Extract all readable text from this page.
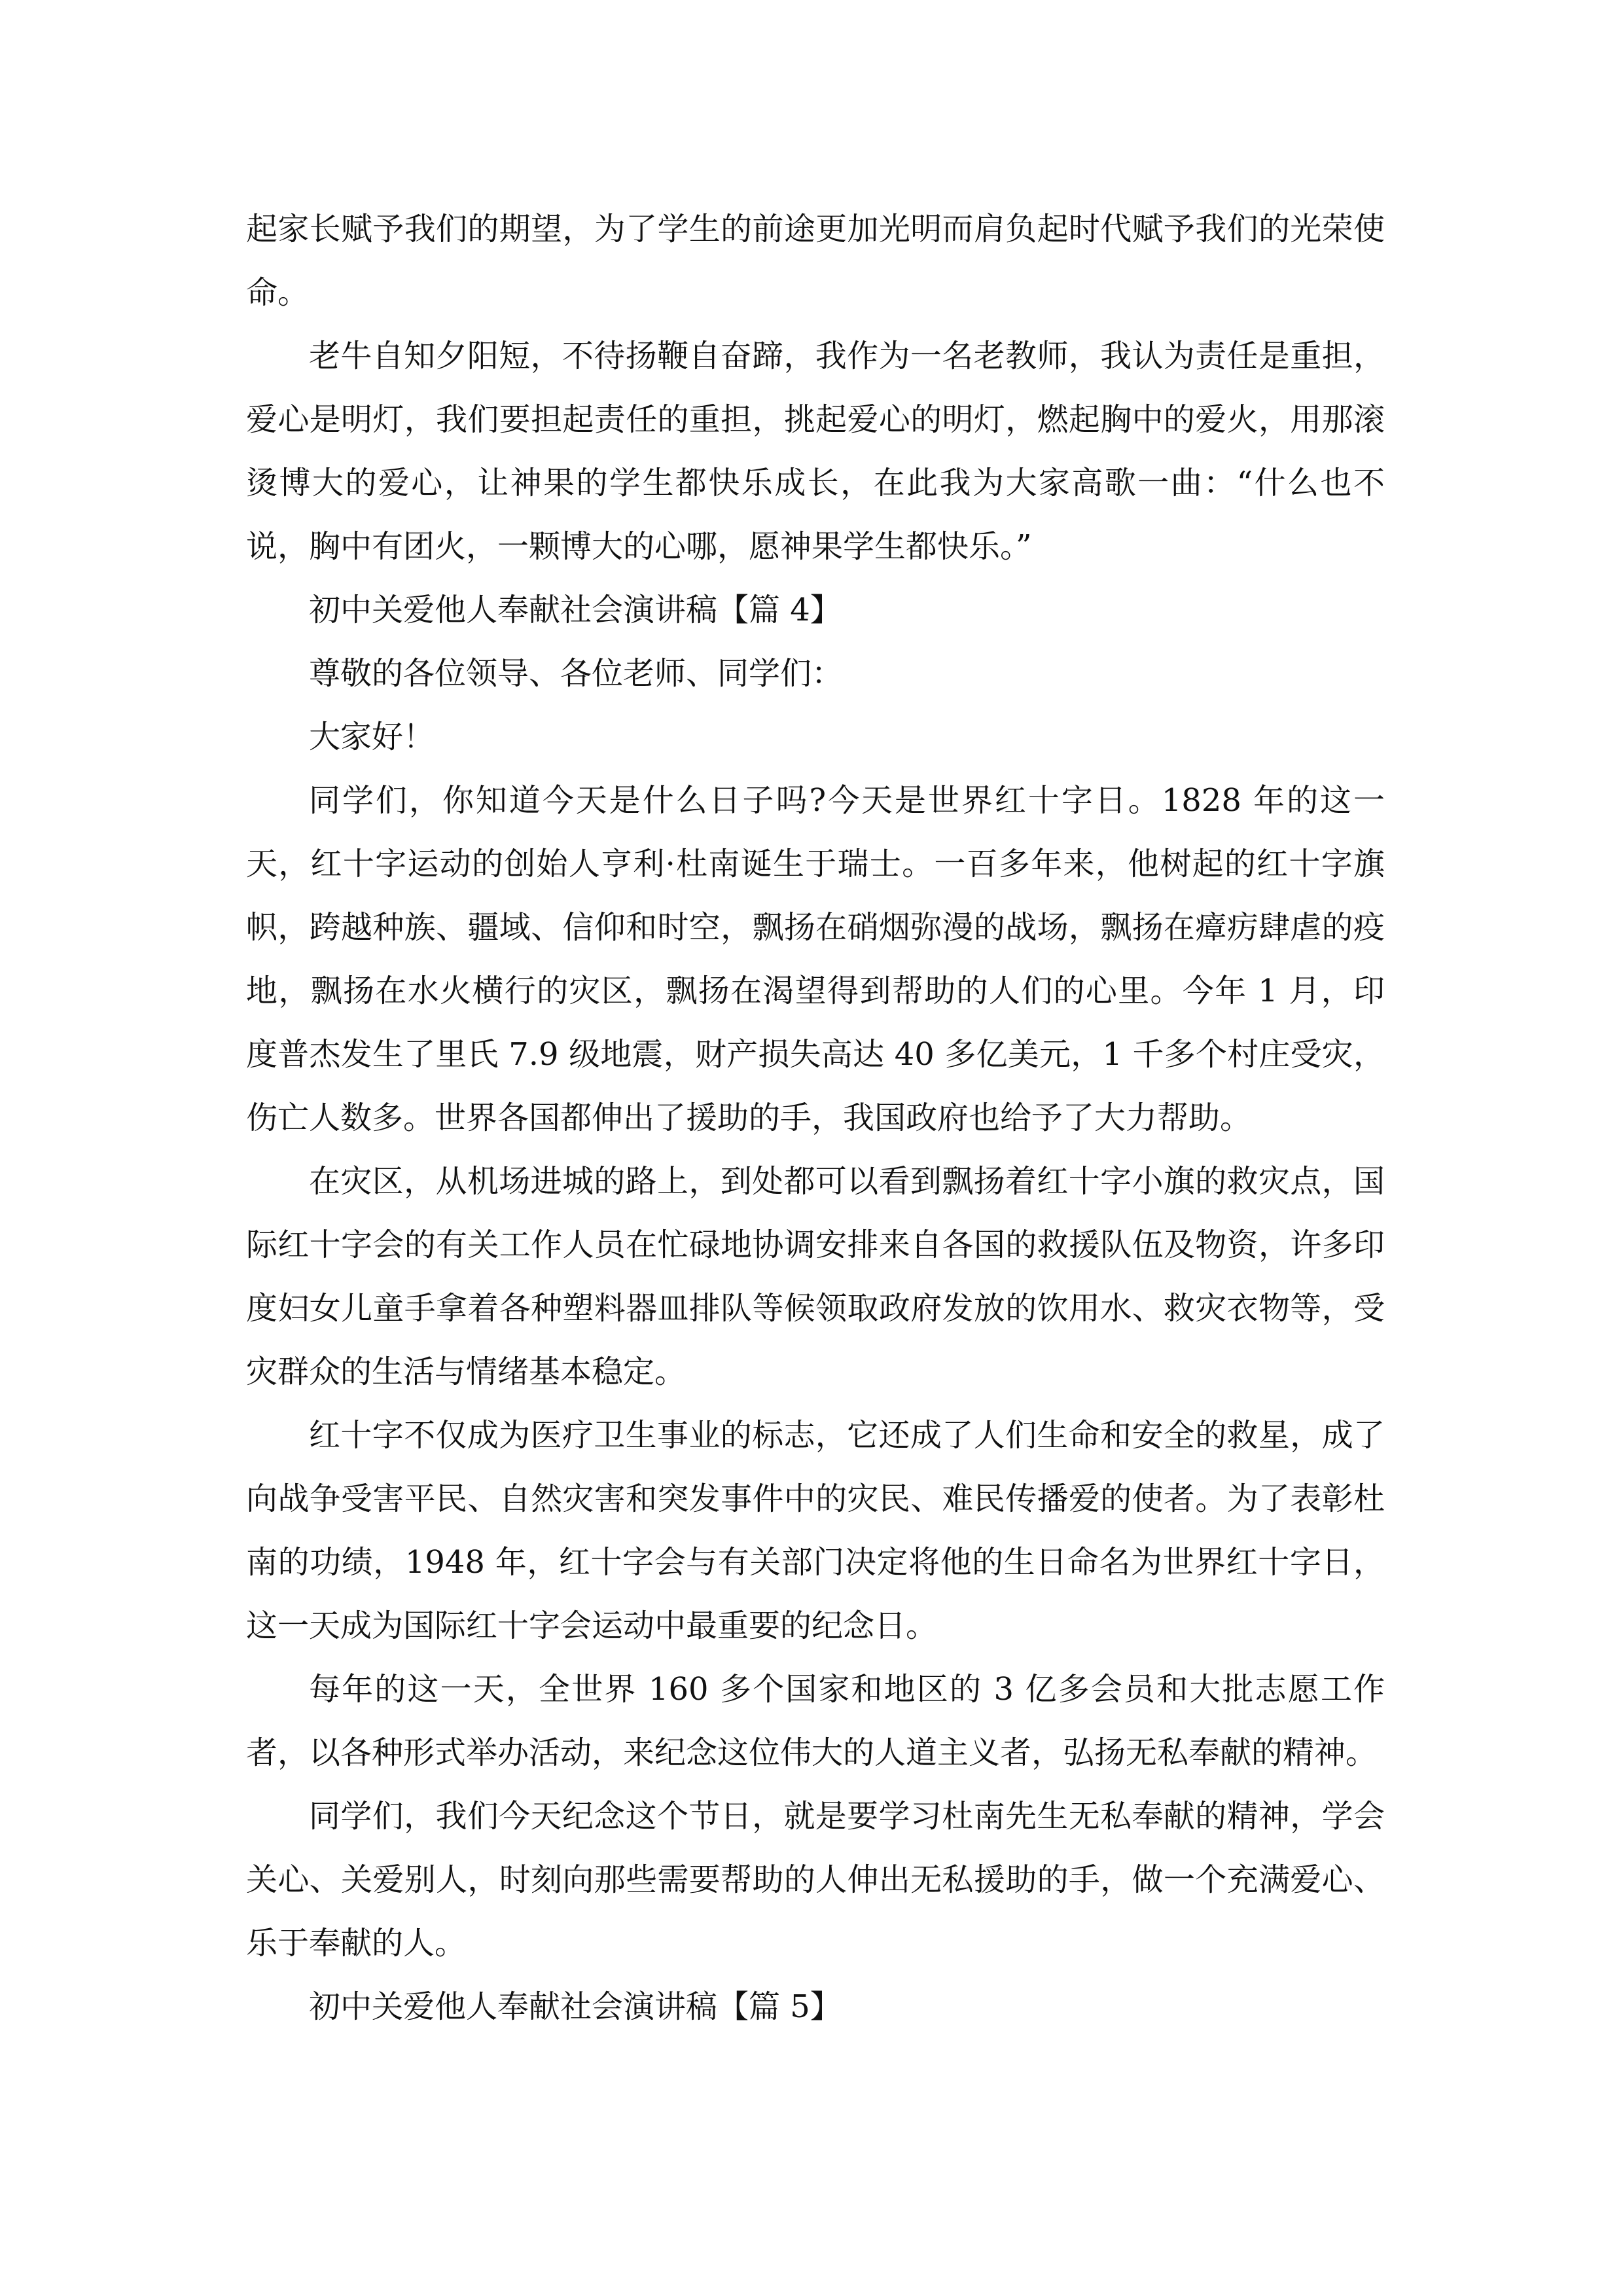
起家长赋予我们的期望，为了学生的前途更加光明而肩负起时代赋予我们的光荣使命。

老牛自知夕阳短，不待扬鞭自奋蹄，我作为一名老教师，我认为责任是重担，爱心是明灯，我们要担起责任的重担，挑起爱心的明灯，燃起胸中的爱火，用那滚烫博大的爱心，让神果的学生都快乐成长，在此我为大家高歌一曲：“什么也不说，胸中有团火，一颗博大的心哪，愿神果学生都快乐。”

初中关爱他人奉献社会演讲稿【篇 4】

尊敬的各位领导、各位老师、同学们：

大家好！

同学们，你知道今天是什么日子吗?今天是世界红十字日。1828 年的这一天，红十字运动的创始人亨利·杜南诞生于瑞士。一百多年来，他树起的红十字旗帜，跨越种族、疆域、信仰和时空，飘扬在硝烟弥漫的战场，飘扬在瘴疠肆虐的疫地，飘扬在水火横行的灾区，飘扬在渴望得到帮助的人们的心里。今年 1 月，印度普杰发生了里氏 7.9 级地震，财产损失高达 40 多亿美元，1 千多个村庄受灾，伤亡人数多。世界各国都伸出了援助的手，我国政府也给予了大力帮助。

在灾区，从机场进城的路上，到处都可以看到飘扬着红十字小旗的救灾点，国际红十字会的有关工作人员在忙碌地协调安排来自各国的救援队伍及物资，许多印度妇女儿童手拿着各种塑料器皿排队等候领取政府发放的饮用水、救灾衣物等，受灾群众的生活与情绪基本稳定。

红十字不仅成为医疗卫生事业的标志，它还成了人们生命和安全的救星，成了向战争受害平民、自然灾害和突发事件中的灾民、难民传播爱的使者。为了表彰杜南的功绩，1948 年，红十字会与有关部门决定将他的生日命名为世界红十字日，这一天成为国际红十字会运动中最重要的纪念日。

每年的这一天，全世界 160 多个国家和地区的 3 亿多会员和大批志愿工作者，以各种形式举办活动，来纪念这位伟大的人道主义者，弘扬无私奉献的精神。

同学们，我们今天纪念这个节日，就是要学习杜南先生无私奉献的精神，学会关心、关爱别人，时刻向那些需要帮助的人伸出无私援助的手，做一个充满爱心、乐于奉献的人。

初中关爱他人奉献社会演讲稿【篇 5】
